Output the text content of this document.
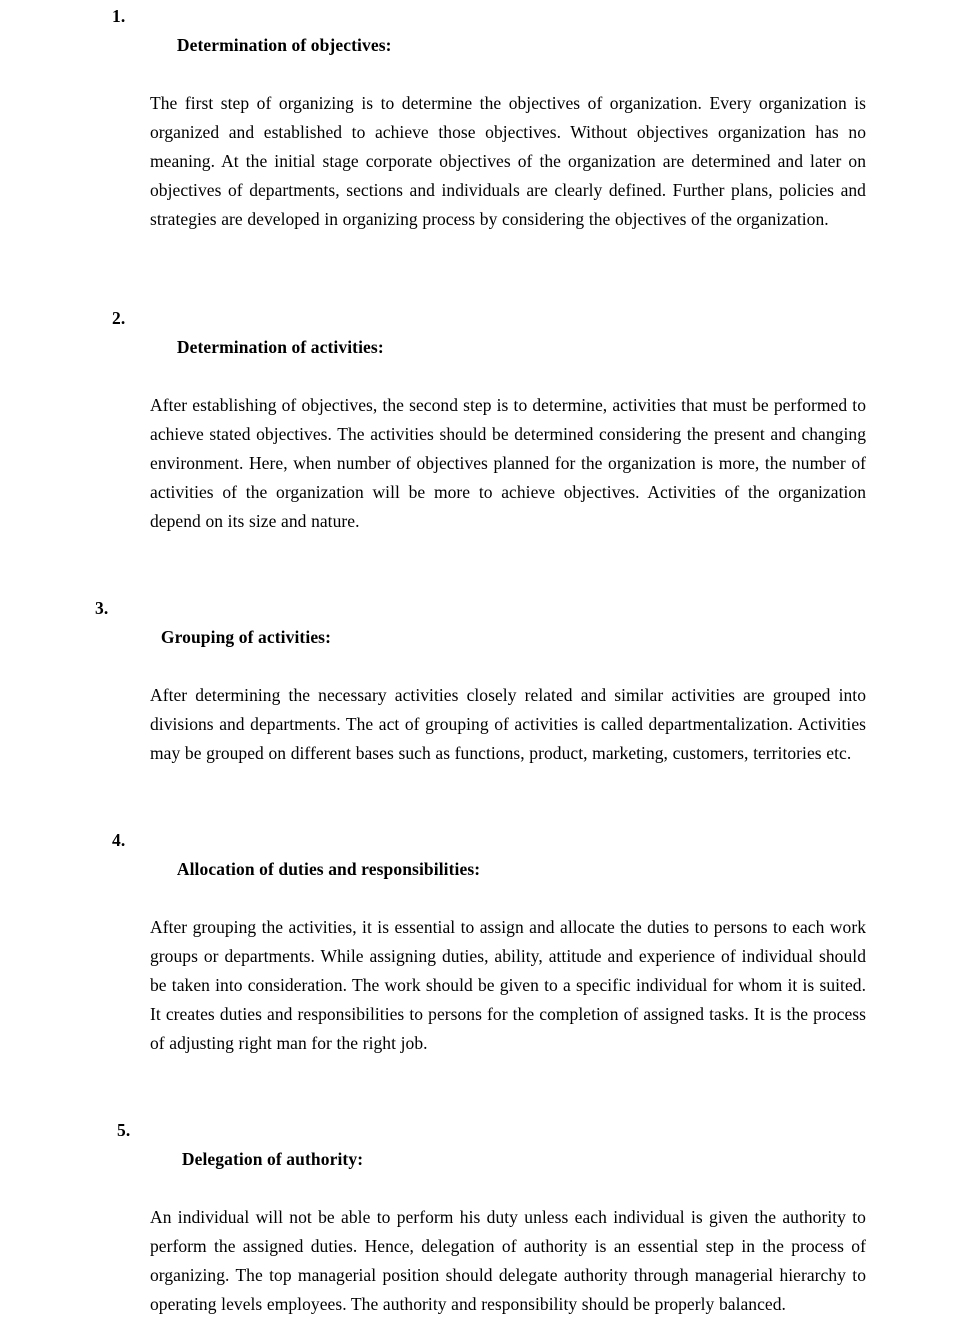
1.
Determination of objectives:

The first step of organizing is to determine the objectives of organization. Every organization is organized and established to achieve those objectives. Without objectives organization has no meaning. At the initial stage corporate objectives of the organization are determined and later on objectives of departments, sections and individuals are clearly defined. Further plans, policies and strategies are developed in organizing process by considering the objectives of the organization.

2.
Determination of activities:

After establishing of objectives, the second step is to determine, activities that must be performed to achieve stated objectives. The activities should be determined considering the present and changing environment. Here, when number of objectives planned for the organization is more, the number of activities of the organization will be more to achieve objectives. Activities of the organization depend on its size and nature.

3.
Grouping of activities:

After determining the necessary activities closely related and similar activities are grouped into divisions and departments. The act of grouping of activities is called departmentalization. Activities may be grouped on different bases such as functions, product, marketing, customers, territories etc.

4.
Allocation of duties and responsibilities:

After grouping the activities, it is essential to assign and allocate the duties to persons to each work groups or departments. While assigning duties, ability, attitude and experience of individual should be taken into consideration. The work should be given to a specific individual for whom it is suited. It creates duties and responsibilities to persons for the completion of assigned tasks. It is the process of adjusting right man for the right job.

5.
Delegation of authority:

An individual will not be able to perform his duty unless each individual is given the authority to perform the assigned duties. Hence, delegation of authority is an essential step in the process of organizing. The top managerial position should delegate authority through managerial hierarchy to operating levels employees. The authority and responsibility should be properly balanced.
